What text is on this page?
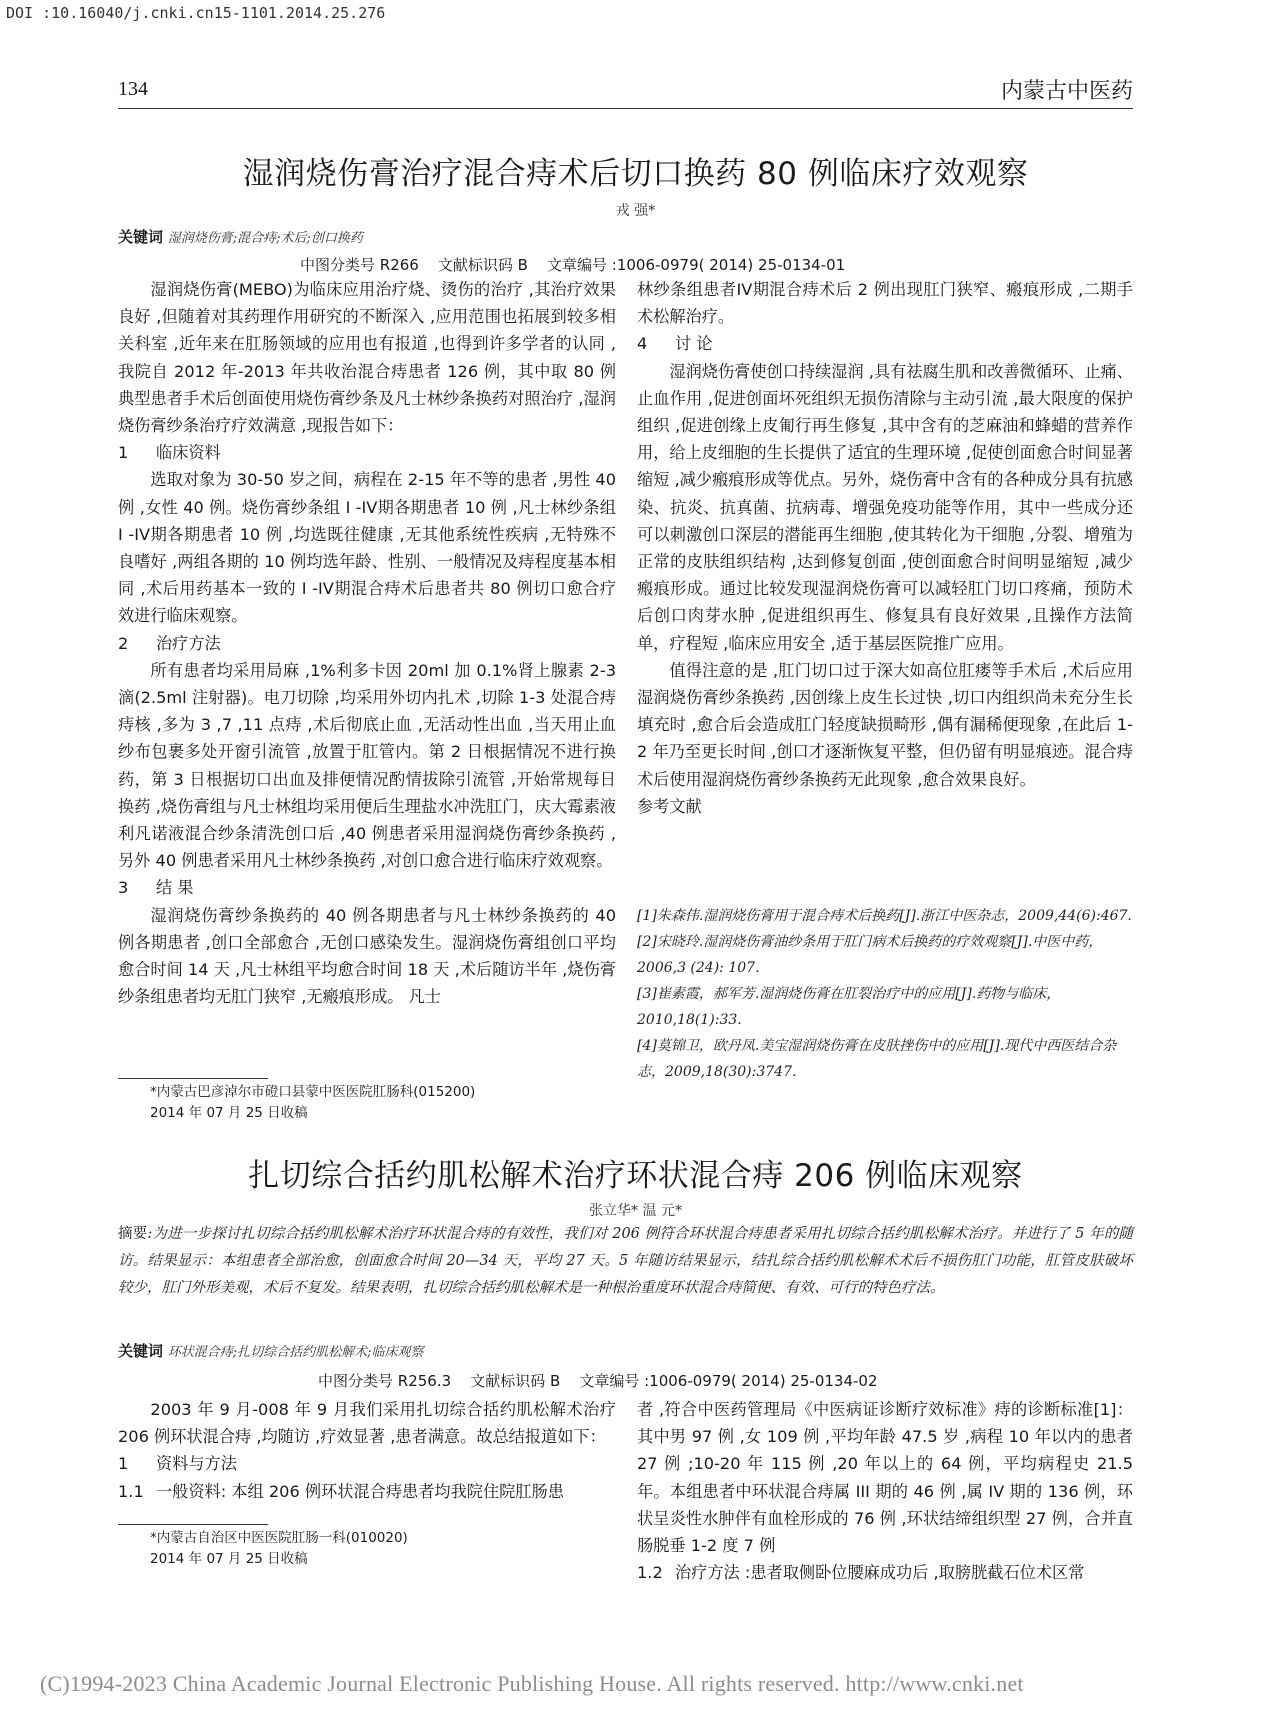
DOI :10.16040/j.cnki.cn15-1101.2014.25.276
134	内蒙古中医药
湿润烧伤膏治疗混合痔术后切口换药 80 例临床疗效观察
戎 强*
关键词 湿润烧伤膏;混合痔;术后;创口换药
中图分类号 R266    文献标识码 B    文章编号 :1006-0979( 2014) 25-0134-01

湿润烧伤膏(MEBO)为临床应用治疗烧、烫伤的治疗 ,其治疗效果良好 ,但随着对其药理作用研究的不断深入 ,应用范围也拓展到较多相关科室 ,近年来在肛肠领域的应用也有报道 ,也得到许多学者的认同 ,我院自 2012 年-2013 年共收治混合痔患者 126 例，其中取 80 例典型患者手术后创面使用烧伤膏纱条及凡士林纱条换药对照治疗 ,湿润烧伤膏纱条治疗疗效满意 ,现报告如下：

1 临床资料

选取对象为 30-50 岁之间，病程在 2-15 年不等的患者 ,男性 40 例 ,女性 40 例。烧伤膏纱条组 I -IV期各期患者 10 例 ,凡士林纱条组 I -IV期各期患者 10 例 ,均选既往健康 ,无其他系统性疾病 ,无特殊不良嗜好 ,两组各期的 10 例均选年龄、性别、一般情况及痔程度基本相同 ,术后用药基本一致的 I -IV期混合痔术后患者共 80 例切口愈合疗效进行临床观察。

2 治疗方法

所有患者均采用局麻 ,1%利多卡因 20ml 加 0.1%肾上腺素 2-3 滴(2.5ml 注射器)。电刀切除 ,均采用外切内扎术 ,切除 1-3 处混合痔痔核 ,多为 3 ,7 ,11 点痔 ,术后彻底止血 ,无活动性出血 ,当天用止血纱布包裹多处开窗引流管 ,放置于肛管内。第 2 日根据情况不进行换药，第 3 日根据切口出血及排便情况酌情拔除引流管 ,开始常规每日换药 ,烧伤膏组与凡士林组均采用便后生理盐水冲洗肛门，庆大霉素液利凡诺液混合纱条清洗创口后 ,40 例患者采用湿润烧伤膏纱条换药 ,另外 40 例患者采用凡士林纱条换药 ,对创口愈合进行临床疗效观察。

3 结 果

湿润烧伤膏纱条换药的 40 例各期患者与凡士林纱条换药的 40 例各期患者 ,创口全部愈合 ,无创口感染发生。湿润烧伤膏组创口平均愈合时间 14 天 ,凡士林组平均愈合时间 18 天 ,术后随访半年 ,烧伤膏纱条组患者均无肛门狭窄 ,无瘢痕形成。 凡士

林纱条组患者IV期混合痔术后 2 例出现肛门狭窄、瘢痕形成 ,二期手术松解治疗。

4 讨 论

湿润烧伤膏使创口持续湿润 ,具有祛腐生肌和改善微循环、止痛、止血作用 ,促进创面坏死组织无损伤清除与主动引流 ,最大限度的保护组织 ,促进创缘上皮匍行再生修复 ,其中含有的芝麻油和蜂蜡的营养作用，给上皮细胞的生长提供了适宜的生理环境 ,促使创面愈合时间显著缩短 ,减少瘢痕形成等优点。另外，烧伤膏中含有的各种成分具有抗感染、抗炎、抗真菌、抗病毒、增强免疫功能等作用，其中一些成分还可以刺激创口深层的潜能再生细胞 ,使其转化为干细胞 ,分裂、增殖为正常的皮肤组织结构 ,达到修复创面 ,使创面愈合时间明显缩短 ,减少瘢痕形成。通过比较发现湿润烧伤膏可以减轻肛门切口疼痛，预防术后创口肉芽水肿 ,促进组织再生、修复具有良好效果 ,且操作方法简单，疗程短 ,临床应用安全 ,适于基层医院推广应用。

值得注意的是 ,肛门切口过于深大如高位肛瘘等手术后 ,术后应用湿润烧伤膏纱条换药 ,因创缘上皮生长过快 ,切口内组织尚未充分生长填充时 ,愈合后会造成肛门轻度缺损畸形 ,偶有漏稀便现象 ,在此后 1-2 年乃至更长时间 ,创口才逐渐恢复平整，但仍留有明显痕迹。混合痔术后使用湿润烧伤膏纱条换药无此现象 ,愈合效果良好。

参考文献

[1]朱森伟.湿润烧伤膏用于混合痔术后换药[J].浙江中医杂志，2009,44(6):467.
[2]宋晓玲.湿润烧伤膏油纱条用于肛门病术后换药的疗效观察[J].中医中药，2006,3 (24): 107.
[3]崔素霞，郝军芳.湿润烧伤膏在肛裂治疗中的应用[J].药物与临床，2010,18(1):33.
[4]莫锦卫，欧丹凤.美宝湿润烧伤膏在皮肤挫伤中的应用[J].现代中西医结合杂志，2009,18(30):3747.
*内蒙古巴彦淖尔市磴口县蒙中医医院肛肠科(015200)
2014 年 07 月 25 日收稿
扎切综合括约肌松解术治疗环状混合痔 206 例临床观察
张立华* 温 元*
摘要:为进一步探讨扎切综合括约肌松解术治疗环状混合痔的有效性，我们对 206 例符合环状混合痔患者采用扎切综合括约肌松解术治疗。并进行了 5 年的随访。结果显示：本组患者全部治愈，创面愈合时间 20—34 天，平均 27 天。5 年随访结果显示，结扎综合括约肌松解术术后不损伤肛门功能，肛管皮肤破坏较少，肛门外形美观，术后不复发。结果表明，扎切综合括约肌松解术是一种根治重度环状混合痔简便、有效、可行的特色疗法。
关键词 环状混合痔;扎切综合括约肌松解术;临床观察
中图分类号 R256.3    文献标识码 B    文章编号 :1006-0979( 2014) 25-0134-02

2003 年 9 月-008 年 9 月我们采用扎切综合括约肌松解术治疗 206 例环状混合痔 ,均随访 ,疗效显著 ,患者满意。故总结报道如下：

1 资料与方法

1.1 一般资料: 本组 206 例环状混合痔患者均我院住院肛肠患

者 ,符合中医药管理局《中医病证诊断疗效标准》痔的诊断标准[1]：其中男 97 例 ,女 109 例 ,平均年龄 47.5 岁 ,病程 10 年以内的患者 27 例 ;10-20 年 115 例 ,20 年以上的 64 例，平均病程史 21.5 年。本组患者中环状混合痔属 III 期的 46 例 ,属 IV 期的 136 例，环状呈炎性水肿伴有血栓形成的 76 例 ,环状结缔组织型 27 例，合并直肠脱垂 1-2 度 7 例

1.2 治疗方法 :患者取侧卧位腰麻成功后 ,取膀胱截石位术区常

*内蒙古自治区中医医院肛肠一科(010020)
2014 年 07 月 25 日收稿
(C)1994-2023 China Academic Journal Electronic Publishing House. All rights reserved. http://www.cnki.net
